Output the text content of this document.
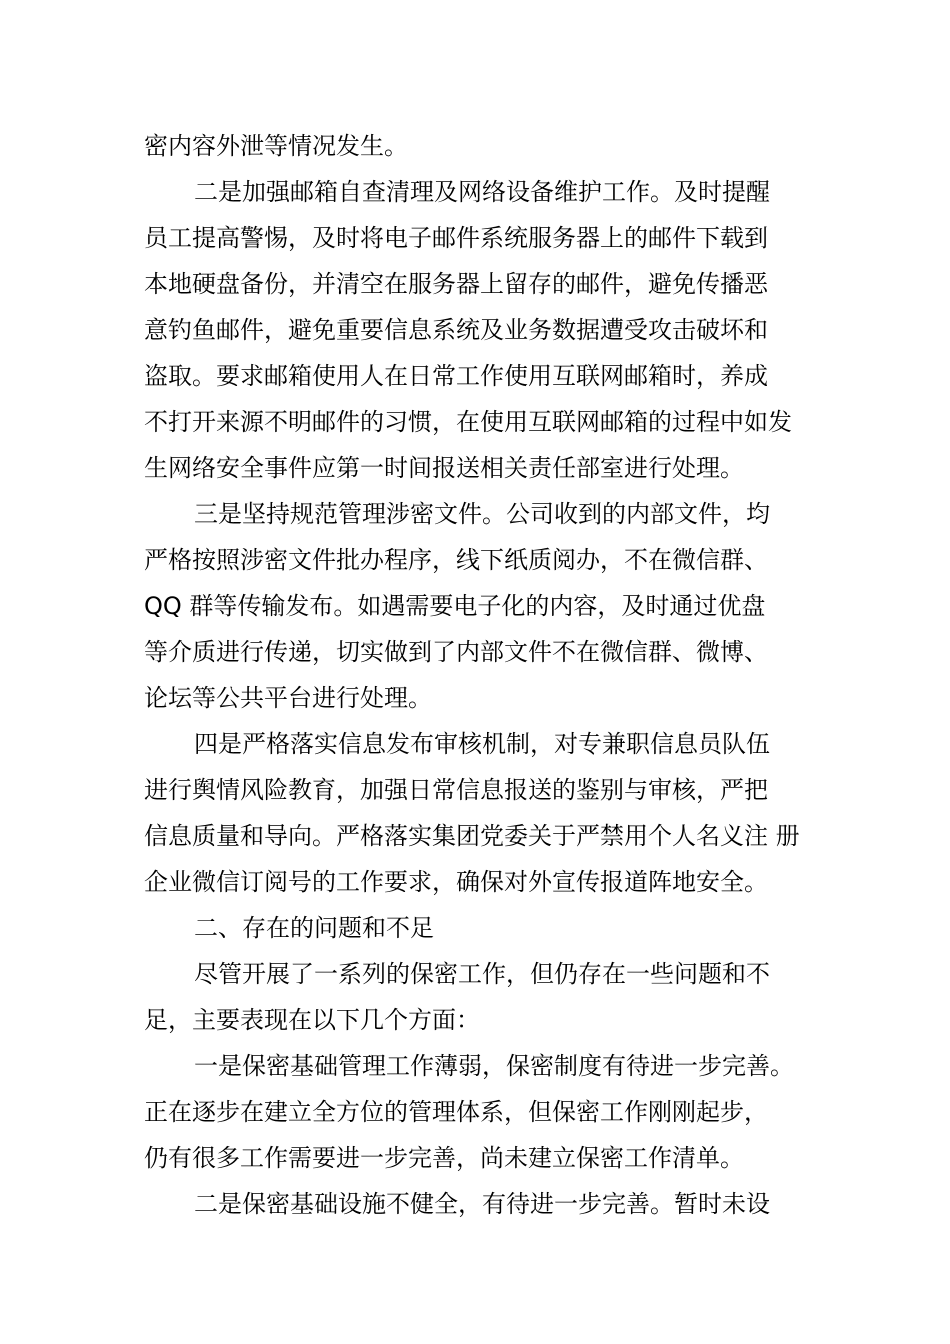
密内容外泄等情况发生。
二是加强邮箱自查清理及网络设备维护工作。及时提醒
员工提高警惕，及时将电子邮件系统服务器上的邮件下载到
本地硬盘备份，并清空在服务器上留存的邮件，避免传播恶
意钓鱼邮件，避免重要信息系统及业务数据遭受攻击破坏和
盗取。要求邮箱使用人在日常工作使用互联网邮箱时，养成
不打开来源不明邮件的习惯，在使用互联网邮箱的过程中如发
生网络安全事件应第一时间报送相关责任部室进行处理。
三是坚持规范管理涉密文件。公司收到的内部文件，均
严格按照涉密文件批办程序，线下纸质阅办，不在微信群、
QQ 群等传输发布。如遇需要电子化的内容，及时通过优盘
等介质进行传递，切实做到了内部文件不在微信群、微博、
论坛等公共平台进行处理。
四是严格落实信息发布审核机制，对专兼职信息员队伍
进行舆情风险教育，加强日常信息报送的鉴别与审核，严把
信息质量和导向。严格落实集团党委关于严禁用个人名义注 册
企业微信订阅号的工作要求，确保对外宣传报道阵地安全。
二、存在的问题和不足
尽管开展了一系列的保密工作，但仍存在一些问题和不
足，主要表现在以下几个方面：
一是保密基础管理工作薄弱，保密制度有待进一步完善。
正在逐步在建立全方位的管理体系，但保密工作刚刚起步，
仍有很多工作需要进一步完善，尚未建立保密工作清单。
二是保密基础设施不健全，有待进一步完善。暂时未设
